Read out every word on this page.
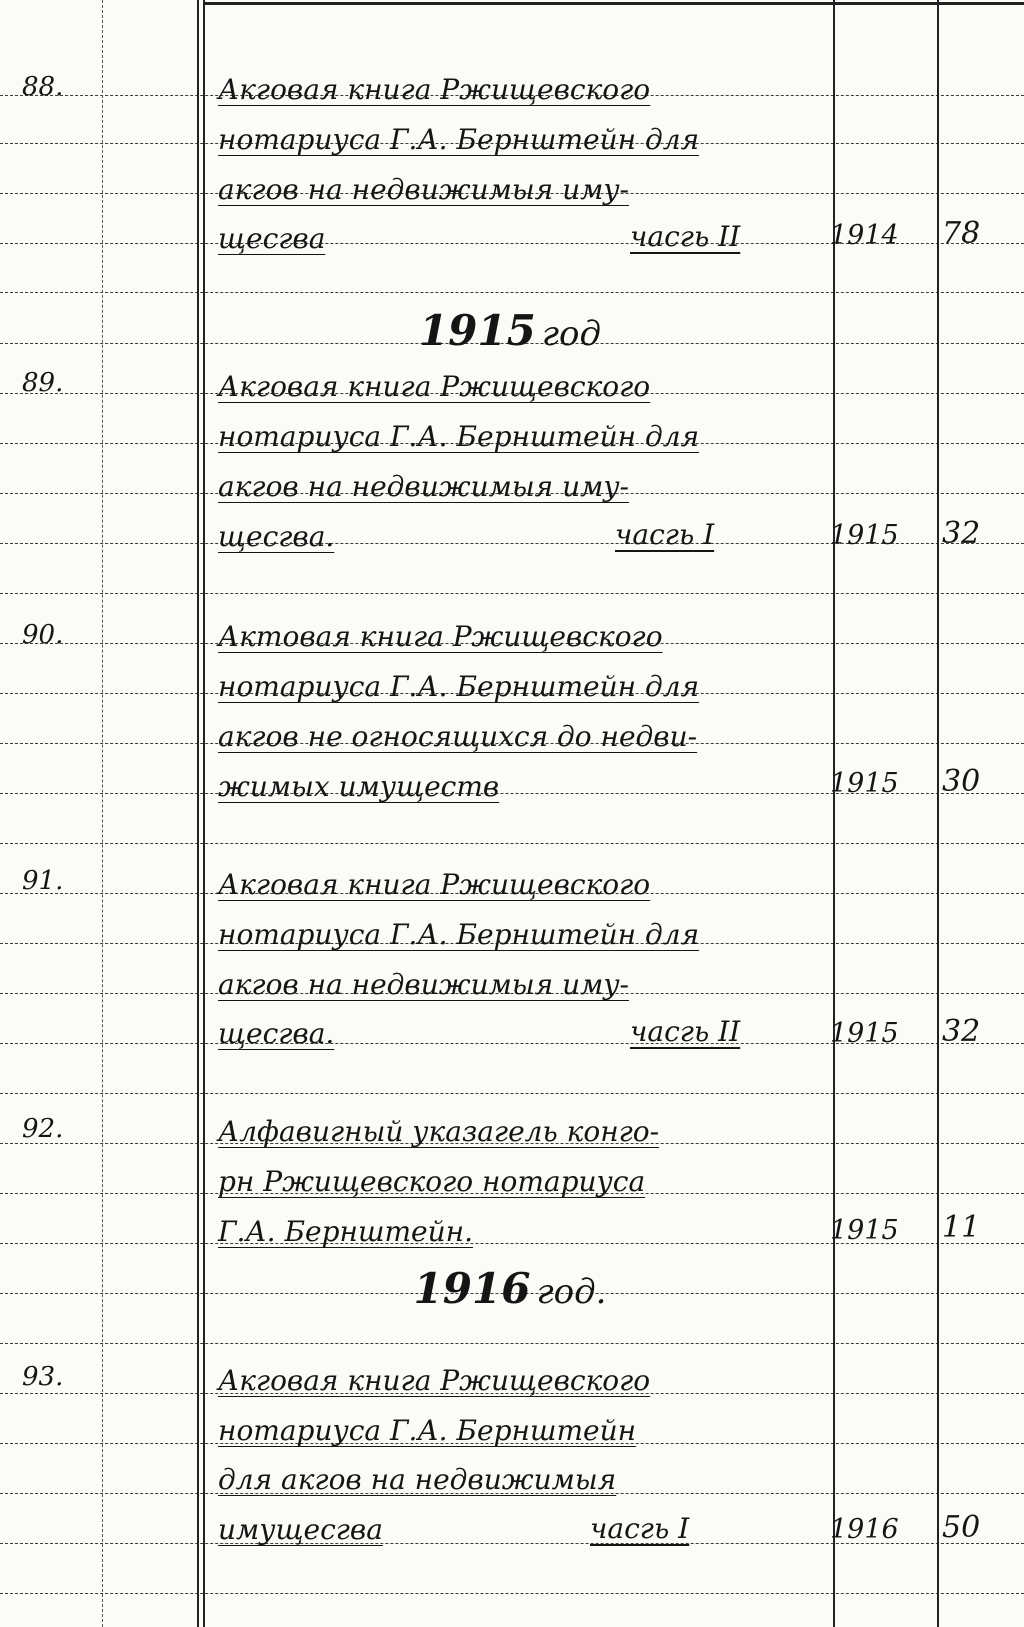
88.	Акговая книга Ржищевского
нотариуса Г.А. Бернштейн для
акгов на недвижимыя иму-
щесгва	часгь II	1914	78
1915 год
89.	Акговая книга Ржищевского
нотариуса Г.А. Бернштейн для
акгов на недвижимыя иму-
щесгва.	часгь I	1915	32
90.	Актовая книга Ржищевского
нотариуса Г.А. Бернштейн для
акгов не огносящихся до недви-
жимых имуществ	1915	30
91.	Акговая книга Ржищевского
нотариуса Г.А. Бернштейн для
акгов на недвижимыя иму-
щесгва.	часгь II	1915	32
92.	Алфавигный указагель конго-
рн Ржищевского нотариуса
Г.А. Бернштейн.	1915	11
1916 год.
93.	Акговая книга Ржищевского
нотариуса Г.А. Бернштейн
для акгов на недвижимыя
имущесгва	часгь I	1916	50
